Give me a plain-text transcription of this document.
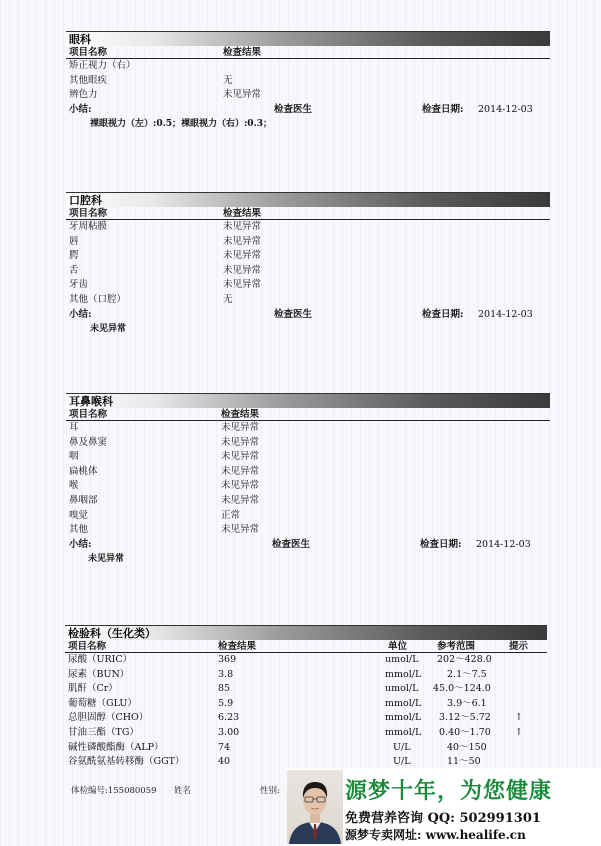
眼科
项目名称	检查结果
矫正视力（右）
其他眼疾	无
辨色力	未见异常
小结:	检查医生	检查日期: 2014-12-03
裸眼视力（左）:0.5；裸眼视力（右）:0.3；
口腔科
项目名称	检查结果
牙周粘膜	未见异常
唇	未见异常
腭	未见异常
舌	未见异常
牙齿	未见异常
其他（口腔）	无
小结:	检查医生	检查日期: 2014-12-03
未见异常
耳鼻喉科
项目名称	检查结果
耳	未见异常
鼻及鼻窦	未见异常
咽	未见异常
扁桃体	未见异常
喉	未见异常
鼻咽部	未见异常
嗅觉	正常
其他	未见异常
小结:	检查医生	检查日期: 2014-12-03
未见异常
检验科（生化类）
项目名称	检查结果	单位	参考范围	提示
尿酸（URIC）	369	umol/L 202～428.0
尿素（BUN）	3.8	mmol/L	2.1～7.5
肌酐（Cr）	85	umol/L 45.0～124.0
葡萄糖（GLU）	5.9	mmol/L	3.9～6.1
总胆固醇（CHO）	6.23	mmol/L 3.12～5.72	↑
甘油三酯（TG）	3.00	mmol/L 0.40～1.70	↑
碱性磷酸酯酶（ALP）	74	U/L	40～150
谷氨酰氨基转移酶（GGT）	40	U/L	11～50
体检编号:155080059 姓名	性别:	源梦十年，为您健康
免费营养咨询 QQ: 502991301
源梦专卖网址: www.healife.cn
